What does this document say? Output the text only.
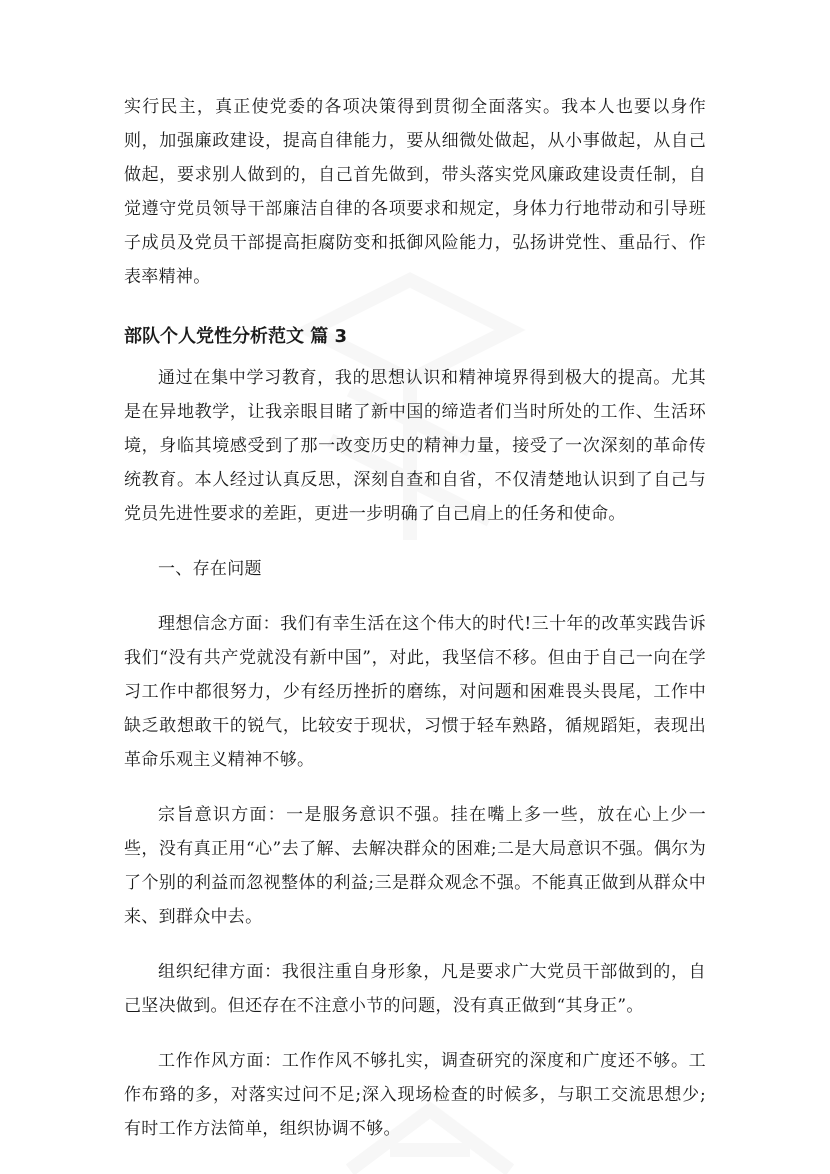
实行民主，真正使党委的各项决策得到贯彻全面落实。我本人也要以身作则，加强廉政建设，提高自律能力，要从细微处做起，从小事做起，从自己做起，要求别人做到的，自己首先做到，带头落实党风廉政建设责任制，自觉遵守党员领导干部廉洁自律的各项要求和规定，身体力行地带动和引导班子成员及党员干部提高拒腐防变和抵御风险能力，弘扬讲党性、重品行、作表率精神。

部队个人党性分析范文 篇 3

通过在集中学习教育，我的思想认识和精神境界得到极大的提高。尤其是在异地教学，让我亲眼目睹了新中国的缔造者们当时所处的工作、生活环境，身临其境感受到了那一改变历史的精神力量，接受了一次深刻的革命传统教育。本人经过认真反思，深刻自查和自省，不仅清楚地认识到了自己与党员先进性要求的差距，更进一步明确了自己肩上的任务和使命。

一、存在问题

理想信念方面：我们有幸生活在这个伟大的时代!三十年的改革实践告诉我们“没有共产党就没有新中国”，对此，我坚信不移。但由于自己一向在学习工作中都很努力，少有经历挫折的磨练，对问题和困难畏头畏尾，工作中缺乏敢想敢干的锐气，比较安于现状，习惯于轻车熟路，循规蹈矩，表现出革命乐观主义精神不够。

宗旨意识方面：一是服务意识不强。挂在嘴上多一些，放在心上少一些，没有真正用“心”去了解、去解决群众的困难;二是大局意识不强。偶尔为了个别的利益而忽视整体的利益;三是群众观念不强。不能真正做到从群众中来、到群众中去。

组织纪律方面：我很注重自身形象，凡是要求广大党员干部做到的，自己坚决做到。但还存在不注意小节的问题，没有真正做到“其身正”。

工作作风方面：工作作风不够扎实，调查研究的深度和广度还不够。工作布臵的多，对落实过问不足;深入现场检查的时候多，与职工交流思想少;有时工作方法简单，组织协调不够。
